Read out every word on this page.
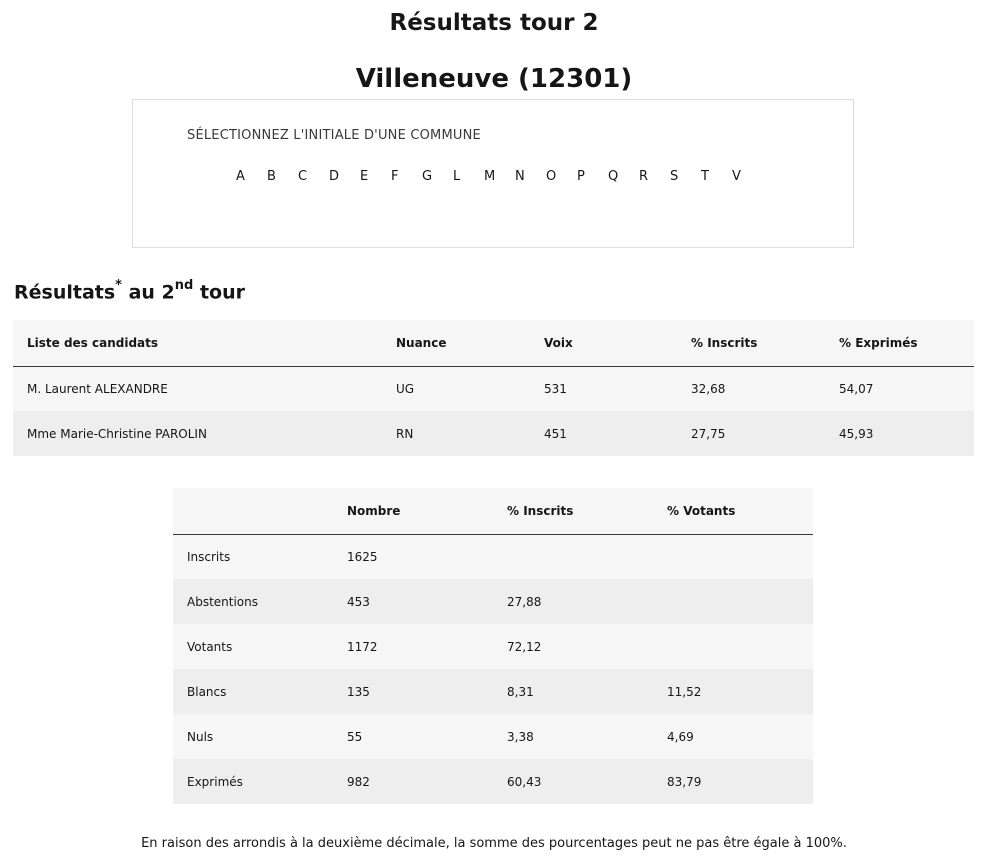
Résultats tour 2
Villeneuve (12301)
SÉLECTIONNEZ L'INITIALE D'UNE COMMUNE
A	B	C	D	E	F	G	L	M	N	O	P	Q	R	S	T	V
Résultats* au 2nd tour
Liste des candidats	Nuance	Voix	% Inscrits	% Exprimés
M. Laurent ALEXANDRE	UG	531	32,68	54,07
Mme Marie-Christine PAROLIN	RN	451	27,75	45,93
	Nombre	% Inscrits	% Votants
Inscrits	1625		
Abstentions	453	27,88	
Votants	1172	72,12	
Blancs	135	8,31	11,52
Nuls	55	3,38	4,69
Exprimés	982	60,43	83,79

En raison des arrondis à la deuxième décimale, la somme des pourcentages peut ne pas être égale à 100%.
